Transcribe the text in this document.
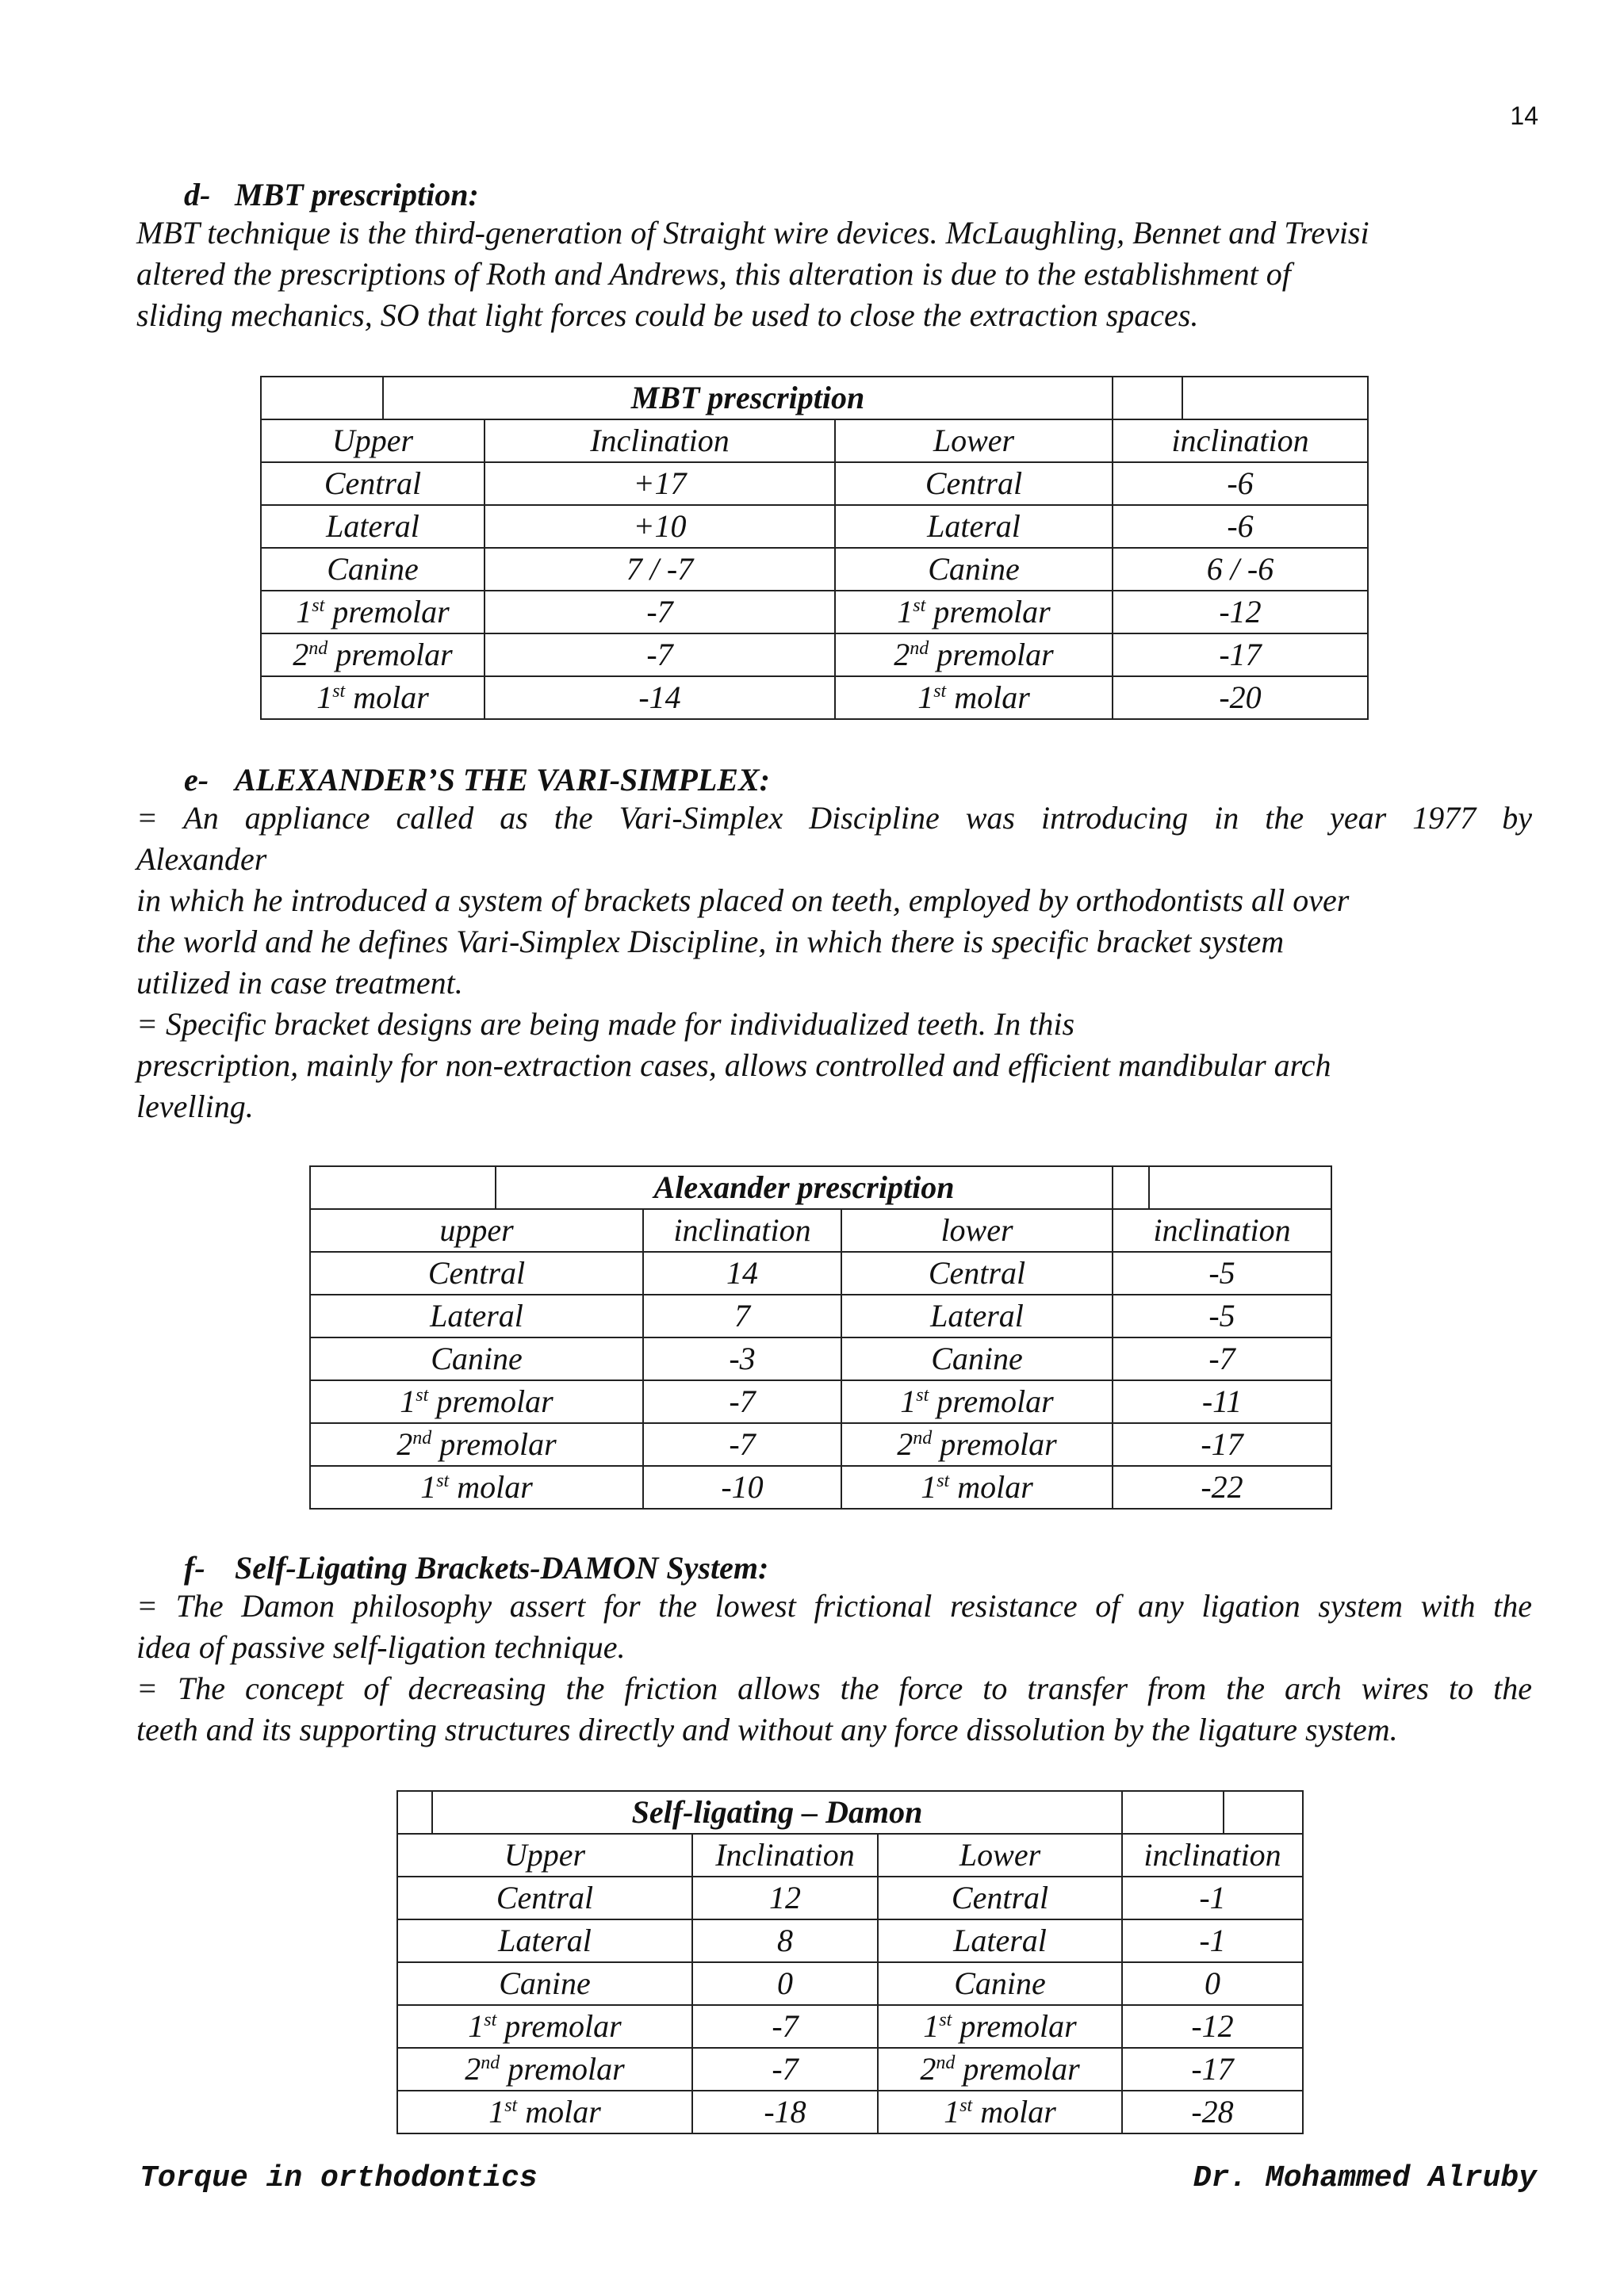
14
d- MBT prescription:

MBT technique is the third-generation of Straight wire devices. McLaughling, Bennet and Trevisi
altered the prescriptions of Roth and Andrews, this alteration is due to the establishment of
sliding mechanics, SO that light forces could be used to close the extraction spaces.

	MBT prescription				
Upper		Inclination	Lower	inclination	
Central		+17	Central	-6	
Lateral		+10	Lateral	-6	
Canine		7 / -7	Canine	6 / -6	
1st premolar		-7	1st premolar	-12	
2nd premolar		-7	2nd premolar	-17	
1st molar		-14	1st molar	-20	
e- ALEXANDER’S THE VARI-SIMPLEX:

= An appliance called as the Vari-Simplex Discipline was introducing in the year 1977 by
Alexander
in which he introduced a system of brackets placed on teeth, employed by orthodontists all over
the world and he defines Vari-Simplex Discipline, in which there is specific bracket system
utilized in case treatment.
= Specific bracket designs are being made for individualized teeth. In this
prescription, mainly for non-extraction cases, allows controlled and efficient mandibular arch
levelling.

	Alexander prescription				
upper		inclination	lower	inclination	
Central		14	Central	-5	
Lateral		7	Lateral	-5	
Canine		-3	Canine	-7	
1st premolar		-7	1st premolar	-11	
2nd premolar		-7	2nd premolar	-17	
1st molar		-10	1st molar	-22	
f- Self-Ligating Brackets-DAMON System:

= The Damon philosophy assert for the lowest frictional resistance of any ligation system with the
idea of passive self-ligation technique.
= The concept of decreasing the friction allows the force to transfer from the arch wires to the
teeth and its supporting structures directly and without any force dissolution by the ligature system.

	Self-ligating – Damon				
Upper		Inclination	Lower	inclination	
Central		12	Central	-1	
Lateral		8	Lateral	-1	
Canine		0	Canine	0	
1st premolar		-7	1st premolar	-12	
2nd premolar		-7	2nd premolar	-17	
1st molar		-18	1st molar	-28	
Torque in orthodontics	Dr. Mohammed Alruby
